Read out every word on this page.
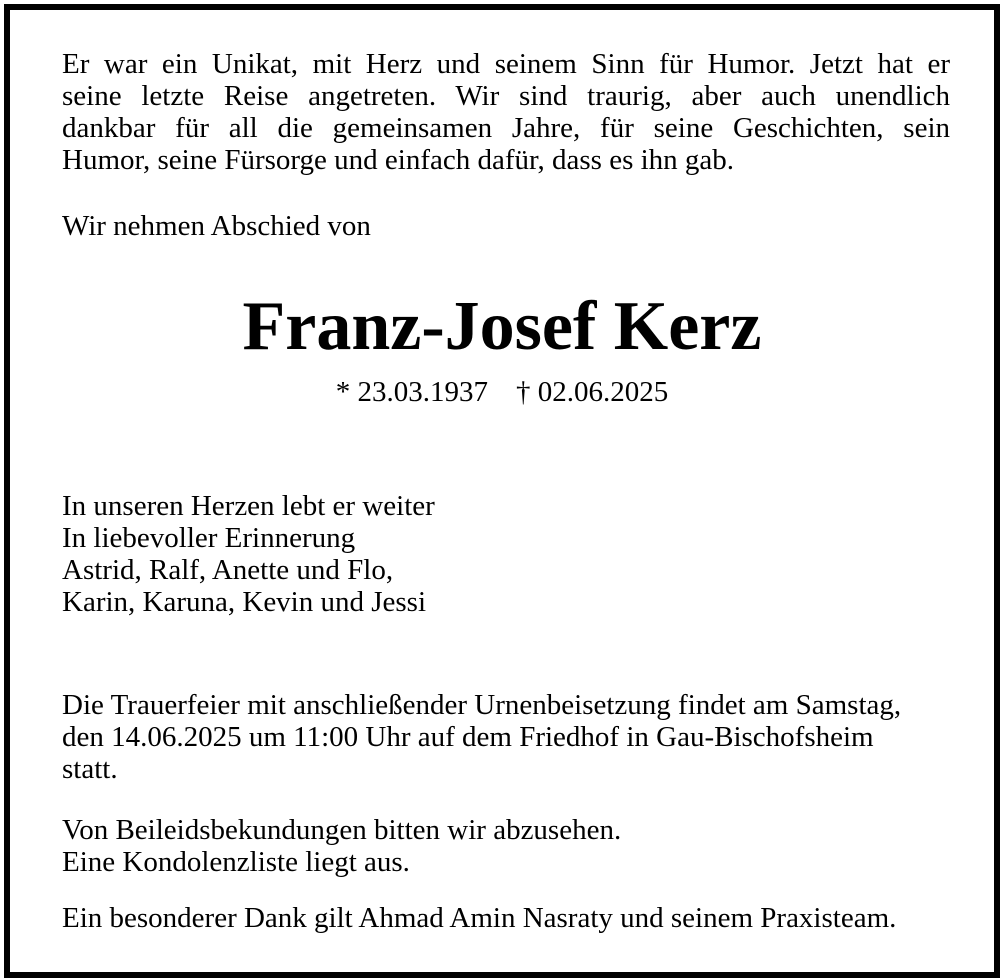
Er war ein Unikat, mit Herz und seinem Sinn für Humor. Jetzt hat er
seine letzte Reise angetreten. Wir sind traurig, aber auch unendlich
dankbar für all die gemeinsamen Jahre, für seine Geschichten, sein
Humor, seine Fürsorge und einfach dafür, dass es ihn gab.
Wir nehmen Abschied von
Franz-Josef Kerz
* 23.03.1937 † 02.06.2025
In unseren Herzen lebt er weiter
In liebevoller Erinnerung
Astrid, Ralf, Anette und Flo,
Karin, Karuna, Kevin und Jessi
Die Trauerfeier mit anschließender Urnenbeisetzung findet am Samstag,
den 14.06.2025 um 11:00 Uhr auf dem Friedhof in Gau-Bischofsheim
statt.
Von Beileidsbekundungen bitten wir abzusehen.
Eine Kondolenzliste liegt aus.
Ein besonderer Dank gilt Ahmad Amin Nasraty und seinem Praxisteam.
